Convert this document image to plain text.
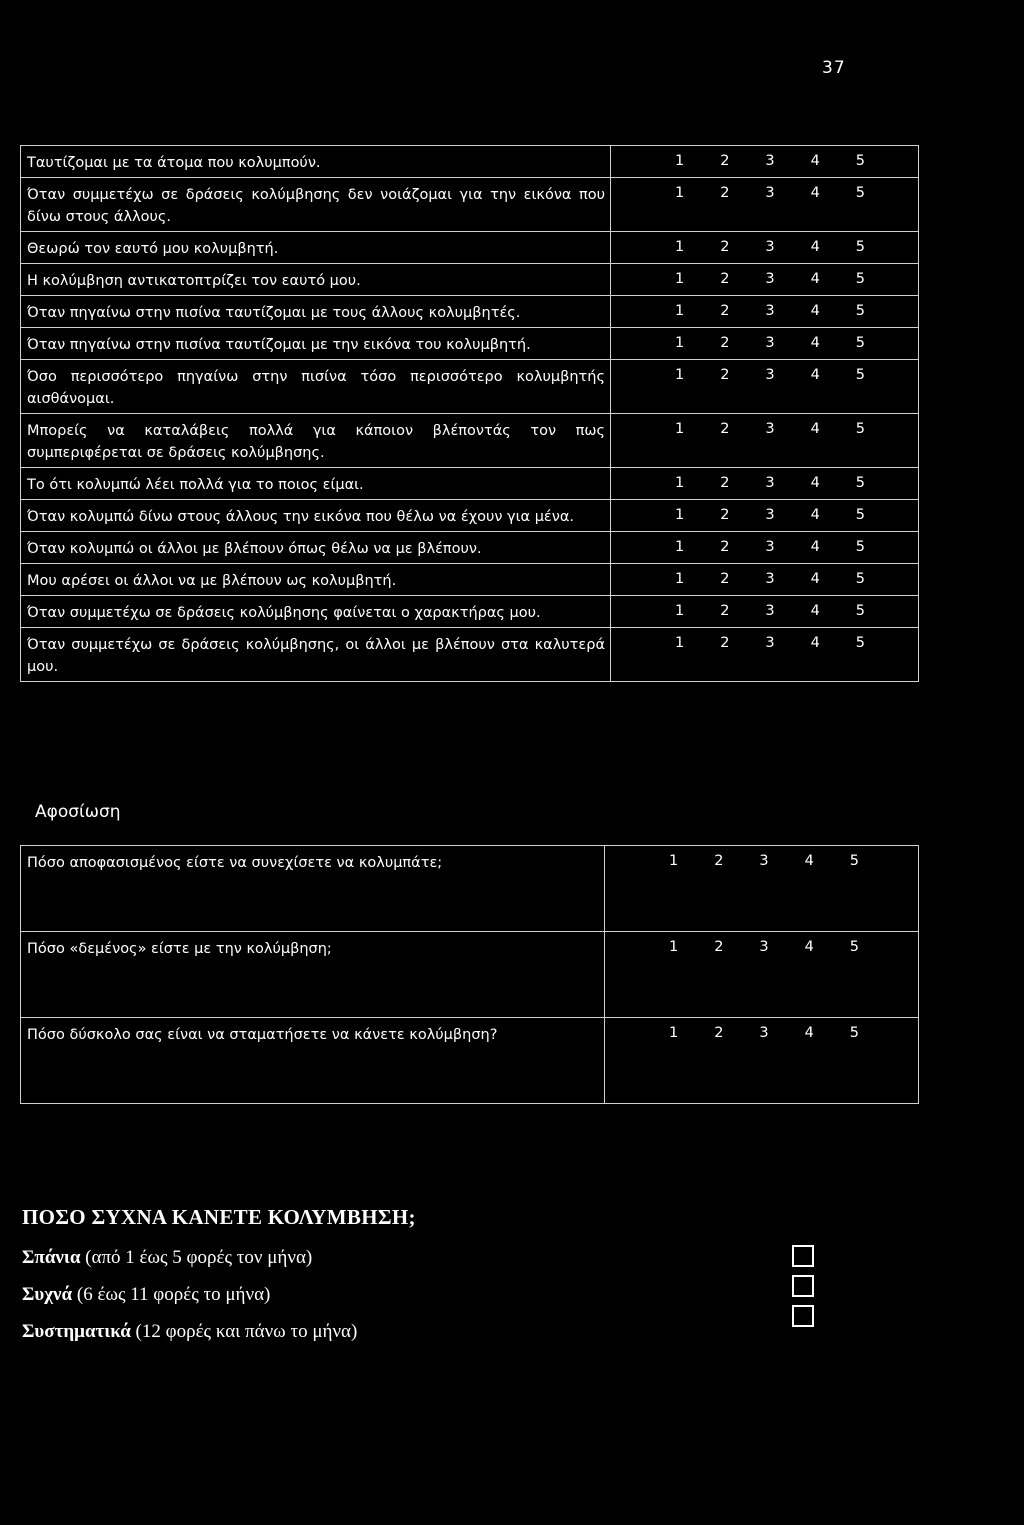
37
Ταυτίζομαι με τα άτομα που κολυμπούν.	1 2 3 4 5

Όταν συμμετέχω σε δράσεις κολύμβησης δεν νοιάζομαι για την εικόνα που δίνω στους άλλους.	1 2 3 4 5

Θεωρώ τον εαυτό μου κολυμβητή.	1 2 3 4 5

Η κολύμβηση αντικατοπτρίζει τον εαυτό μου.	1 2 3 4 5

Όταν πηγαίνω στην πισίνα ταυτίζομαι με τους άλλους κολυμβητές.	1 2 3 4 5

Όταν πηγαίνω στην πισίνα ταυτίζομαι με την εικόνα του κολυμβητή.	1 2 3 4 5

Όσο περισσότερο πηγαίνω στην πισίνα τόσο περισσότερο κολυμβητής αισθάνομαι.	1 2 3 4 5

Μπορείς να καταλάβεις πολλά για κάποιον βλέποντάς τον πως συμπεριφέρεται σε δράσεις κολύμβησης.	1 2 3 4 5

Το ότι κολυμπώ λέει πολλά για το ποιος είμαι.	1 2 3 4 5

Όταν κολυμπώ δίνω στους άλλους την εικόνα που θέλω να έχουν για μένα.	1 2 3 4 5

Όταν κολυμπώ οι άλλοι με βλέπουν όπως θέλω να με βλέπουν.	1 2 3 4 5

Μου αρέσει οι άλλοι να με βλέπουν ως κολυμβητή.	1 2 3 4 5

Όταν συμμετέχω σε δράσεις κολύμβησης φαίνεται ο χαρακτήρας μου.	1 2 3 4 5

Όταν συμμετέχω σε δράσεις κολύμβησης, οι άλλοι με βλέπουν στα καλυτερά μου.	1 2 3 4 5
Αφοσίωση
Πόσο αποφασισμένος είστε να συνεχίσετε να κολυμπάτε;	1 2 3 4 5

Πόσο «δεμένος» είστε με την κολύμβηση;	1 2 3 4 5

Πόσο δύσκολο σας είναι να σταματήσετε να κάνετε κολύμβηση?	1 2 3 4 5
ΠΟΣΟ ΣΥΧΝΑ ΚΑΝΕΤΕ ΚΟΛΥΜΒΗΣΗ;
Σπάνια (από 1 έως 5 φορές τον μήνα)
Συχνά (6 έως 11 φορές το μήνα)
Συστηματικά (12 φορές και πάνω το μήνα)
